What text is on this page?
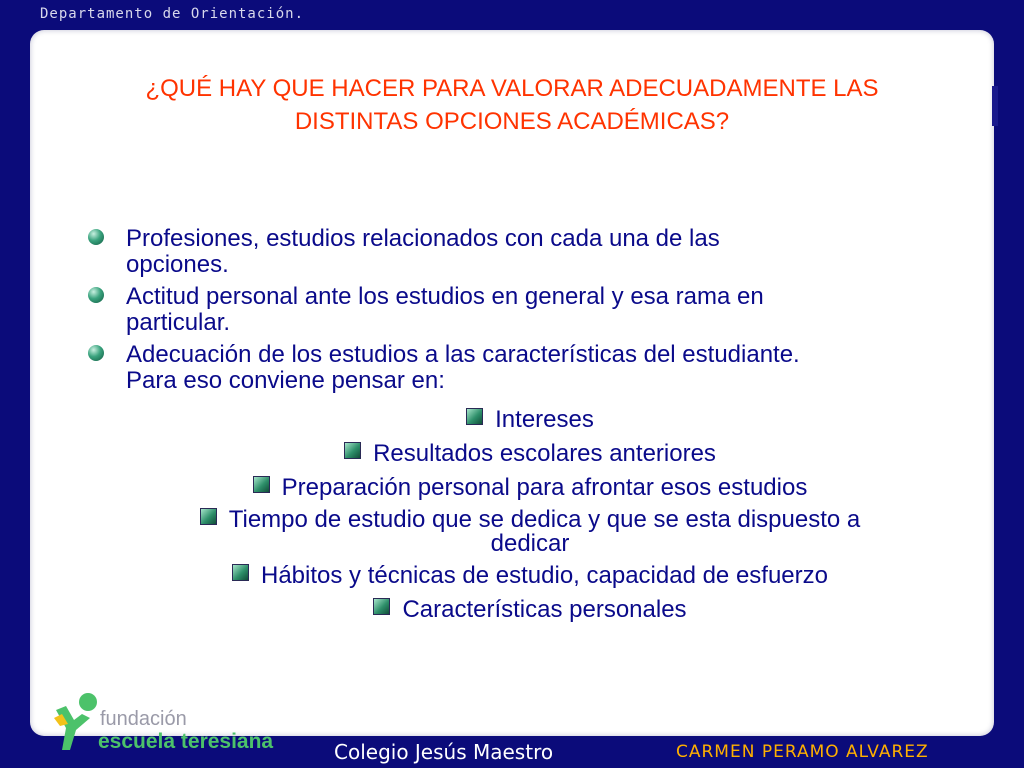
Departamento de Orientación.
¿QUÉ HAY QUE HACER PARA VALORAR ADECUADAMENTE LAS
DISTINTAS OPCIONES ACADÉMICAS?
Profesiones, estudios relacionados con cada una de las
opciones.
Actitud personal ante los estudios en general y esa rama en
particular.
Adecuación de los estudios a las características del estudiante.
Para eso conviene pensar en:
Intereses
Resultados escolares anteriores
Preparación personal para afrontar esos estudios
Tiempo de estudio que se dedica y que se esta dispuesto a
dedicar
Hábitos y técnicas de estudio, capacidad de esfuerzo
Características personales
fundación
escuela teresiana	Colegio Jesús Maestro	CARMEN PERAMO ALVAREZ
